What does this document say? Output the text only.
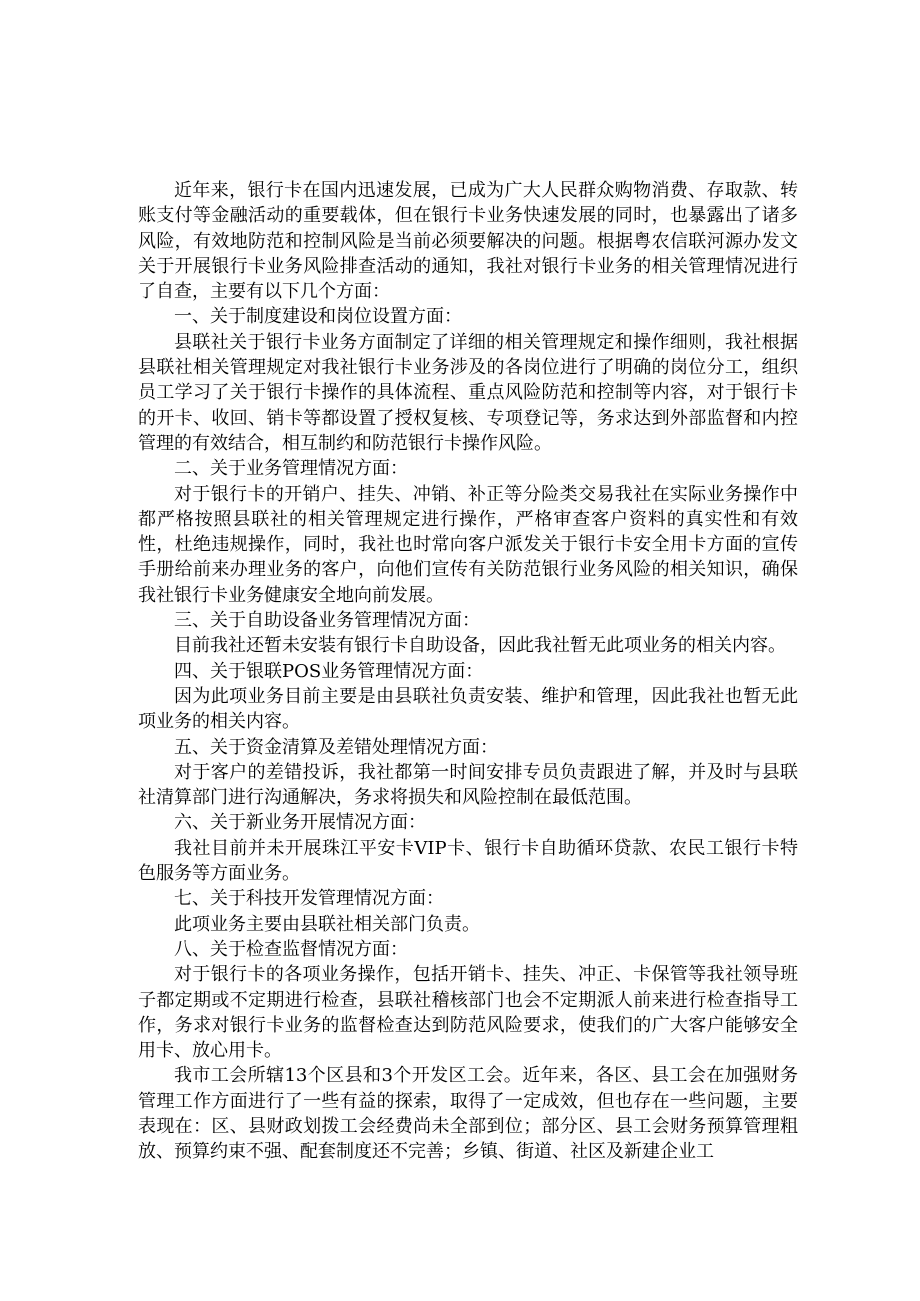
近年来，银行卡在国内迅速发展，已成为广大人民群众购物消费、存取款、转账支付等金融活动的重要载体，但在银行卡业务快速发展的同时，也暴露出了诸多风险，有效地防范和控制风险是当前必须要解决的问题。根据粤农信联河源办发文关于开展银行卡业务风险排查活动的通知，我社对银行卡业务的相关管理情况进行了自查，主要有以下几个方面：

一、关于制度建设和岗位设置方面：

县联社关于银行卡业务方面制定了详细的相关管理规定和操作细则，我社根据县联社相关管理规定对我社银行卡业务涉及的各岗位进行了明确的岗位分工，组织员工学习了关于银行卡操作的具体流程、重点风险防范和控制等内容，对于银行卡的开卡、收回、销卡等都设置了授权复核、专项登记等，务求达到外部监督和内控管理的有效结合，相互制约和防范银行卡操作风险。

二、关于业务管理情况方面：

对于银行卡的开销户、挂失、冲销、补正等分险类交易我社在实际业务操作中都严格按照县联社的相关管理规定进行操作，严格审查客户资料的真实性和有效性，杜绝违规操作，同时，我社也时常向客户派发关于银行卡安全用卡方面的宣传手册给前来办理业务的客户，向他们宣传有关防范银行业务风险的相关知识，确保我社银行卡业务健康安全地向前发展。

三、关于自助设备业务管理情况方面：

目前我社还暂未安装有银行卡自助设备，因此我社暂无此项业务的相关内容。

四、关于银联POS业务管理情况方面：

因为此项业务目前主要是由县联社负责安装、维护和管理，因此我社也暂无此项业务的相关内容。

五、关于资金清算及差错处理情况方面：

对于客户的差错投诉，我社都第一时间安排专员负责跟进了解，并及时与县联社清算部门进行沟通解决，务求将损失和风险控制在最低范围。

六、关于新业务开展情况方面：

我社目前并未开展珠江平安卡VIP卡、银行卡自助循环贷款、农民工银行卡特色服务等方面业务。

七、关于科技开发管理情况方面：

此项业务主要由县联社相关部门负责。

八、关于检查监督情况方面：

对于银行卡的各项业务操作，包括开销卡、挂失、冲正、卡保管等我社领导班子都定期或不定期进行检查，县联社稽核部门也会不定期派人前来进行检查指导工作，务求对银行卡业务的监督检查达到防范风险要求，使我们的广大客户能够安全用卡、放心用卡。

我市工会所辖13个区县和3个开发区工会。近年来，各区、县工会在加强财务管理工作方面进行了一些有益的探索，取得了一定成效，但也存在一些问题，主要表现在：区、县财政划拨工会经费尚未全部到位；部分区、县工会财务预算管理粗放、预算约束不强、配套制度还不完善；乡镇、街道、社区及新建企业工
